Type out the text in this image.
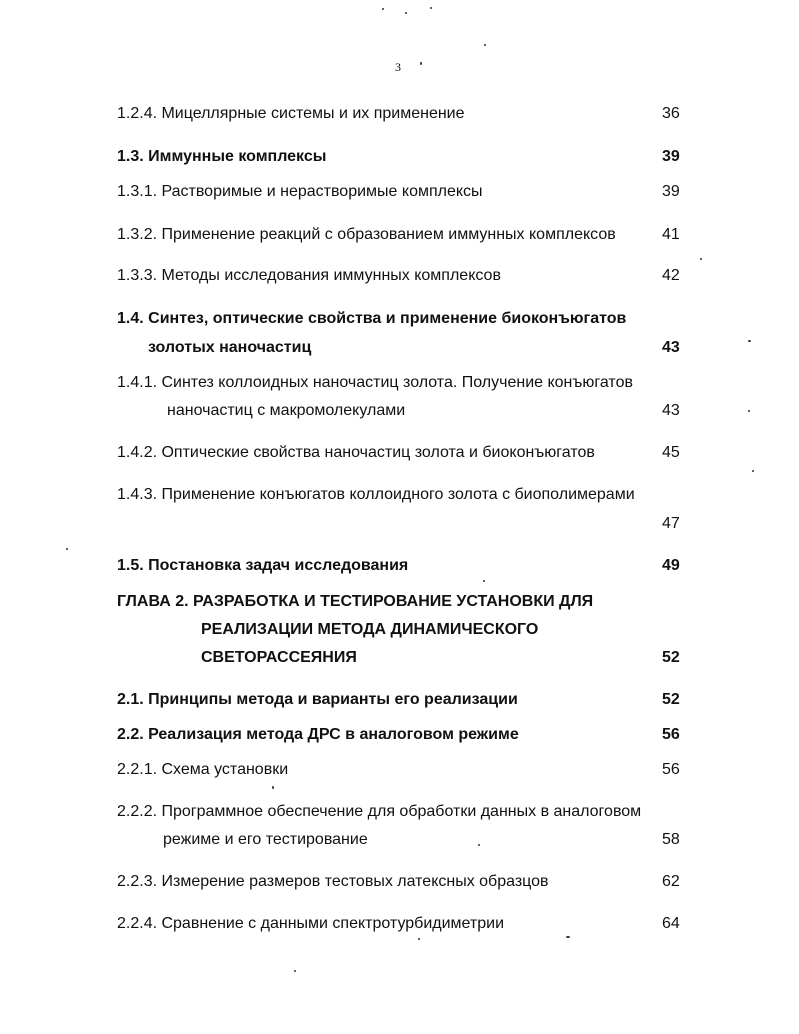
3
1.2.4. Мицеллярные системы и их применение	36
1.3. Иммунные комплексы	39
1.3.1. Растворимые и нерастворимые комплексы	39
1.3.2. Применение реакций с образованием иммунных комплексов	41
1.3.3. Методы исследования иммунных комплексов	42
1.4. Синтез, оптические свойства и применение биоконъюгатов
золотых наночастиц	43
1.4.1. Синтез коллоидных наночастиц золота. Получение конъюгатов
наночастиц с макромолекулами	43
1.4.2. Оптические свойства наночастиц золота и биоконъюгатов	45
1.4.3. Применение конъюгатов коллоидного золота с биополимерами
47
1.5. Постановка задач исследования	49
ГЛАВА 2. РАЗРАБОТКА И ТЕСТИРОВАНИЕ УСТАНОВКИ ДЛЯ
РЕАЛИЗАЦИИ МЕТОДА ДИНАМИЧЕСКОГО
СВЕТОРАССЕЯНИЯ	52
2.1. Принципы метода и варианты его реализации	52
2.2. Реализация метода ДРС в аналоговом режиме	56
2.2.1. Схема установки	56
2.2.2. Программное обеспечение для обработки данных в аналоговом
режиме и его тестирование	58
2.2.3. Измерение размеров тестовых латексных образцов	62
2.2.4. Сравнение с данными спектротурбидиметрии	64
